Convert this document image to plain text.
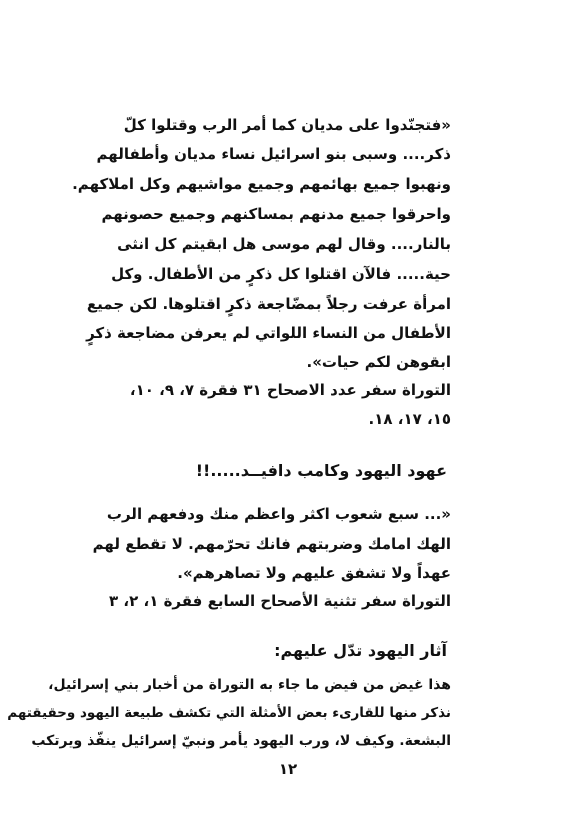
«فتجنّدوا على مديان كما أمر الرب وقتلوا كلّ
ذكر.... وسبى بنو اسرائيل نساء مديان وأطفالهم
ونهبوا جميع بهائمهم وجميع مواشيهم وكل املاكهم.
واحرقوا جميع مدنهم بمساكنهم وجميع حصونهم
بالنار.... وقال لهم موسى هل ابقيتم كل انثى
حية..... فالآن اقتلوا كل ذكرٍ من الأطفال. وكل
امرأة عرفت رجلاً بمضّاجعة ذكرٍ اقتلوها. لكن جميع
الأطفال من النساء اللواتي لم يعرفن مضاجعة ذكرٍ
ابقوهن لكم حيات».
التوراة سفر عدد الاصحاح ٣١ فقرة ٧، ٩، ١٠،
١٥، ١٧، ١٨.
عهود اليهود وكامب دافيــد.....!!
«... سبع شعوب اكثر واعظم منك ودفعهم الرب
الهك امامك وضربتهم فانك تحرّمهم. لا تقطع لهم
عهداً ولا تشفق عليهم ولا تصاهرهم».
التوراة سفر تثنية الأصحاح السابع فقرة ١، ٢، ٣
آثار اليهود تدّل عليهم:
هذا غيض من فيض ما جاء به التوراة من أخبار بني إسرائيل،
نذكر منها للقارىء بعض الأمثلة التي تكشف طبيعة اليهود وحقيقتهم
البشعة. وكيف لا، ورب اليهود يأمر ونبيّ إسرائيل ينفّذ ويرتكب
١٢
